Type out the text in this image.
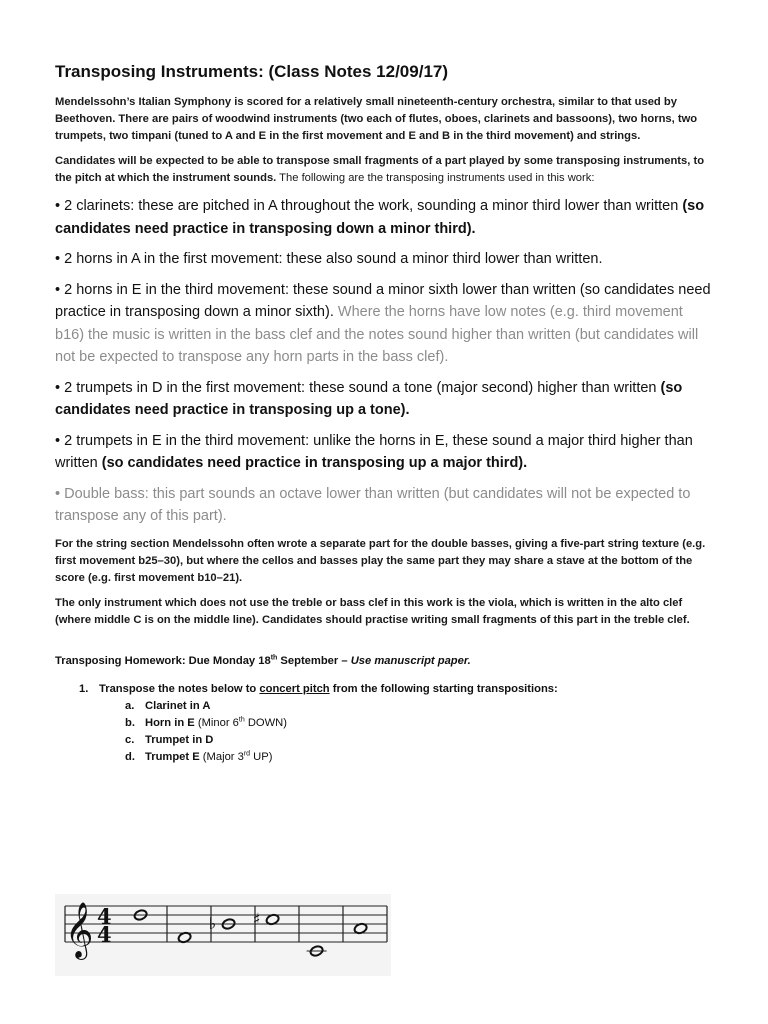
Transposing Instruments: (Class Notes 12/09/17)

Mendelssohn’s Italian Symphony is scored for a relatively small nineteenth-century orchestra, similar to that used by Beethoven. There are pairs of woodwind instruments (two each of flutes, oboes, clarinets and bassoons), two horns, two trumpets, two timpani (tuned to A and E in the first movement and E and B in the third movement) and strings.

Candidates will be expected to be able to transpose small fragments of a part played by some transposing instruments, to the pitch at which the instrument sounds. The following are the transposing instruments used in this work:

• 2 clarinets: these are pitched in A throughout the work, sounding a minor third lower than written (so candidates need practice in transposing down a minor third).

• 2 horns in A in the first movement: these also sound a minor third lower than written.

• 2 horns in E in the third movement: these sound a minor sixth lower than written (so candidates need practice in transposing down a minor sixth). Where the horns have low notes (e.g. third movement b16) the music is written in the bass clef and the notes sound higher than written (but candidates will not be expected to transpose any horn parts in the bass clef).

• 2 trumpets in D in the first movement: these sound a tone (major second) higher than written (so candidates need practice in transposing up a tone).

• 2 trumpets in E in the third movement: unlike the horns in E, these sound a major third higher than written (so candidates need practice in transposing up a major third).

• Double bass: this part sounds an octave lower than written (but candidates will not be expected to transpose any of this part).

For the string section Mendelssohn often wrote a separate part for the double basses, giving a five-part string texture (e.g. first movement b25–30), but where the cellos and basses play the same part they may share a stave at the bottom of the score (e.g. first movement b10–21).

The only instrument which does not use the treble or bass clef in this work is the viola, which is written in the alto clef (where middle C is on the middle line). Candidates should practise writing small fragments of this part in the treble clef.

Transposing Homework: Due Monday 18th September – Use manuscript paper.

1. Transpose the notes below to concert pitch from the following starting transpositions:

a. Clarinet in A

b. Horn in E (Minor 6th DOWN)

c. Trumpet in D

d. Trumpet E (Major 3rd UP)

𝄞 4
4	♭ ♯
